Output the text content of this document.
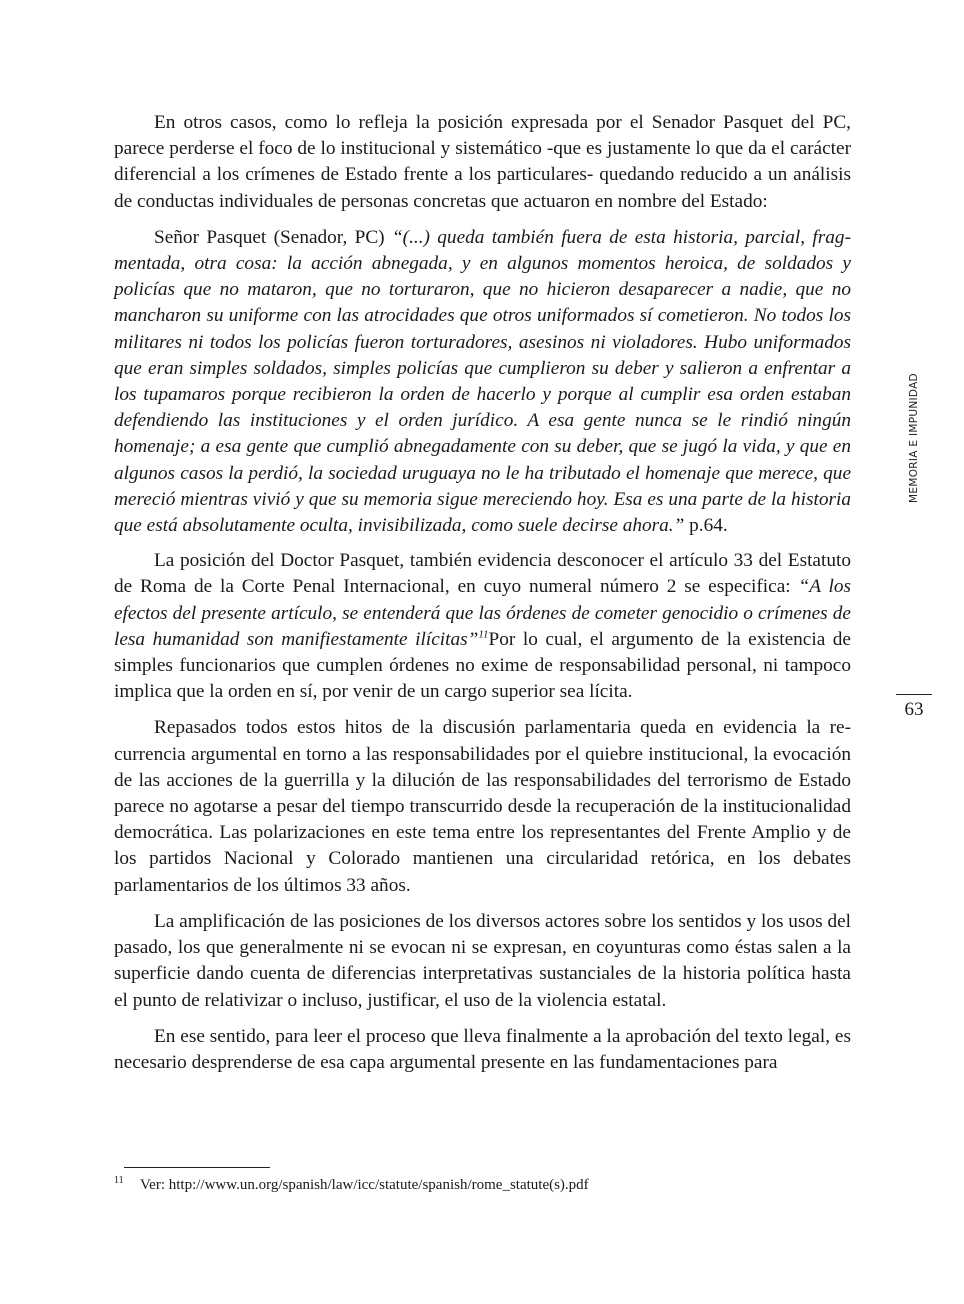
En otros casos, como lo refleja la posición expresada por el Senador Pasquet del PC, parece perderse el foco de lo institucional y sistemático -que es justamente lo que da el carácter diferencial a los crímenes de Estado frente a los particulares- quedando reducido a un análisis de conductas individuales de personas concretas que actuaron en nombre del Estado:

Señor Pasquet (Senador, PC) “(...) queda también fuera de esta historia, parcial, fragmentada, otra cosa: la acción abnegada, y en algunos momentos heroica, de soldados y policías que no mataron, que no torturaron, que no hicieron desaparecer a nadie, que no mancharon su uniforme con las atrocidades que otros uniformados sí cometieron. No todos los militares ni todos los policías fueron torturadores, asesinos ni violadores. Hubo uniformados que eran simples soldados, simples policías que cumplieron su deber y salieron a enfrentar a los tupamaros porque recibieron la orden de hacerlo y porque al cumplir esa orden estaban defendiendo las instituciones y el orden jurídico. A esa gente nunca se le rindió ningún homenaje; a esa gente que cumplió abnegadamente con su deber, que se jugó la vida, y que en algunos casos la perdió, la sociedad uruguaya no le ha tributado el homenaje que merece, que mereció mientras vivió y que su memoria sigue mereciendo hoy. Esa es una parte de la historia que está absolutamente oculta, invisibilizada, como suele decirse ahora.” p.64.

La posición del Doctor Pasquet, también evidencia desconocer el artículo 33 del Estatuto de Roma de la Corte Penal Internacional, en cuyo numeral número 2 se especifica: “A los efectos del presente artículo, se entenderá que las órdenes de cometer genocidio o crímenes de lesa humanidad son manifiestamente ilícitas”$^{11}$Por lo cual, el argumento de la existencia de simples funcionarios que cumplen órdenes no exime de responsabilidad personal, ni tampoco implica que la orden en sí, por venir de un cargo superior sea lícita.

Repasados todos estos hitos de la discusión parlamentaria queda en evidencia la recurrencia argumental en torno a las responsabilidades por el quiebre institucional, la evocación de las acciones de la guerrilla y la dilución de las responsabilidades del terrorismo de Estado parece no agotarse a pesar del tiempo transcurrido desde la recuperación de la institucionalidad democrática. Las polarizaciones en este tema entre los representantes del Frente Amplio y de los partidos Nacional y Colorado mantienen una circularidad retórica, en los debates parlamentarios de los últimos 33 años.

La amplificación de las posiciones de los diversos actores sobre los sentidos y los usos del pasado, los que generalmente ni se evocan ni se expresan, en coyunturas como éstas salen a la superficie dando cuenta de diferencias interpretativas sustanciales de la historia política hasta el punto de relativizar o incluso, justificar, el uso de la violencia estatal.

En ese sentido, para leer el proceso que lleva finalmente a la aprobación del texto legal, es necesario desprenderse de esa capa argumental presente en las fundamentaciones para

MEMORIA E IMPUNIDAD
63
11 Ver: http://www.un.org/spanish/law/icc/statute/spanish/rome_statute(s).pdf
